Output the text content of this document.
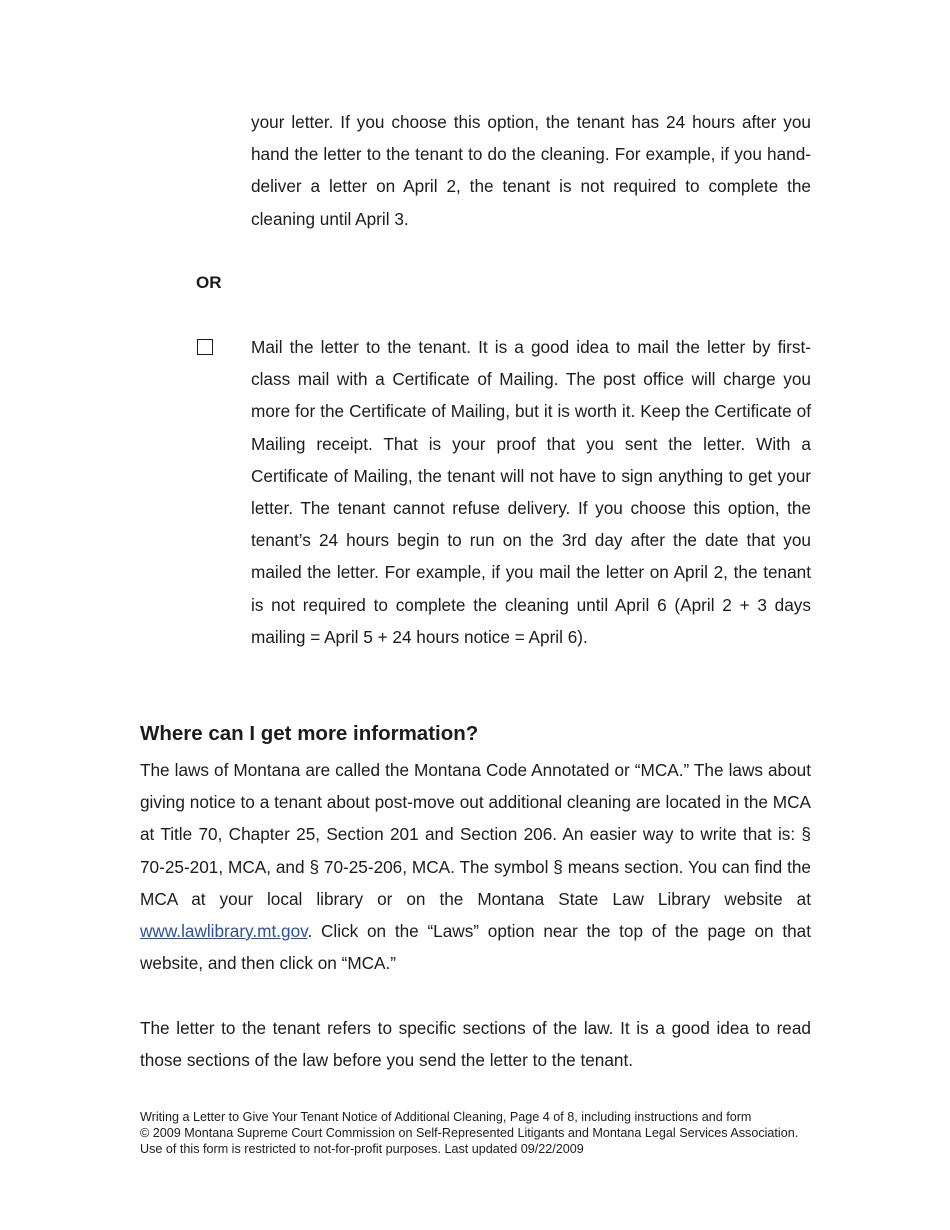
your letter. If you choose this option, the tenant has 24 hours after you hand the letter to the tenant to do the cleaning. For example, if you hand-deliver a letter on April 2, the tenant is not required to complete the cleaning until April 3.

OR

Mail the letter to the tenant. It is a good idea to mail the letter by first-class mail with a Certificate of Mailing. The post office will charge you more for the Certificate of Mailing, but it is worth it. Keep the Certificate of Mailing receipt. That is your proof that you sent the letter. With a Certificate of Mailing, the tenant will not have to sign anything to get your letter. The tenant cannot refuse delivery. If you choose this option, the tenant’s 24 hours begin to run on the 3rd day after the date that you mailed the letter. For example, if you mail the letter on April 2, the tenant is not required to complete the cleaning until April 6 (April 2 + 3 days mailing = April 5 + 24 hours notice = April 6).

Where can I get more information?

The laws of Montana are called the Montana Code Annotated or “MCA.” The laws about giving notice to a tenant about post-move out additional cleaning are located in the MCA at Title 70, Chapter 25, Section 201 and Section 206. An easier way to write that is: § 70-25-201, MCA, and § 70-25-206, MCA. The symbol § means section. You can find the MCA at your local library or on the Montana State Law Library website at www.lawlibrary.mt.gov. Click on the “Laws” option near the top of the page on that website, and then click on “MCA.”

The letter to the tenant refers to specific sections of the law. It is a good idea to read those sections of the law before you send the letter to the tenant.

Writing a Letter to Give Your Tenant Notice of Additional Cleaning, Page 4 of 8, including instructions and form
© 2009 Montana Supreme Court Commission on Self-Represented Litigants and Montana Legal Services Association. Use of this form is restricted to not-for-profit purposes. Last updated 09/22/2009
